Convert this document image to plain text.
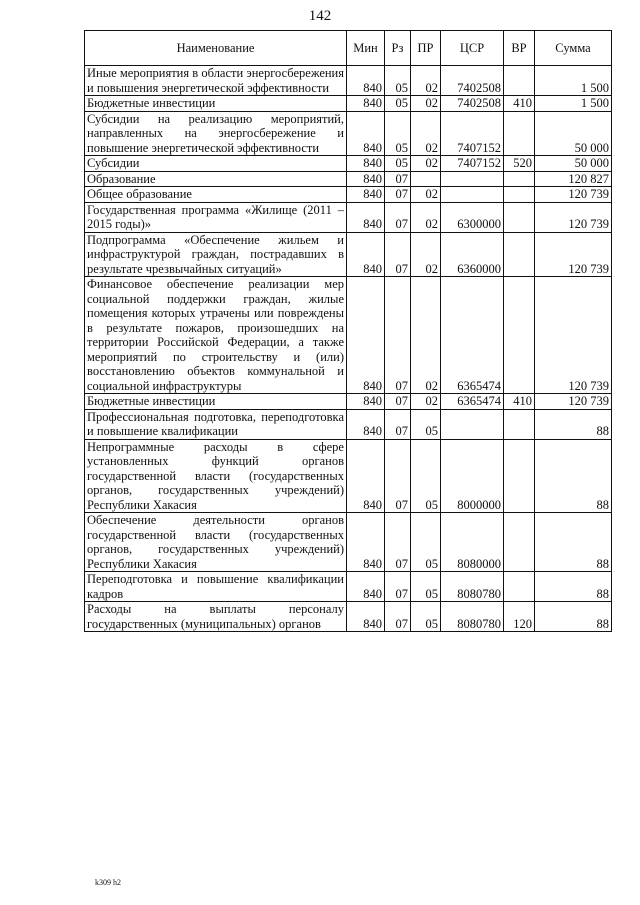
142
Наименование	Мин	Рз	ПР	ЦСР	ВР	Сумма
Иные мероприятия в области энергосбережения и повышения энергетической эффективности	840	05	02	7402508		1 500
Бюджетные инвестиции	840	05	02	7402508	410	1 500
Субсидии на реализацию мероприятий, направленных на энергосбережение и повышение энергетической эффективности	840	05	02	7407152		50 000
Субсидии	840	05	02	7407152	520	50 000
Образование	840	07				120 827
Общее образование	840	07	02			120 739
Государственная программа «Жилище (2011 – 2015 годы)»	840	07	02	6300000		120 739
Подпрограмма «Обеспечение жильем и инфраструктурой граждан, пострадавших в результате чрезвычайных ситуаций»	840	07	02	6360000		120 739
Финансовое обеспечение реализации мер социальной поддержки граждан, жилые помещения которых утрачены или повреждены в результате пожаров, произошедших на территории Российской Федерации, а также мероприятий по строительству и (или) восстановлению объектов коммунальной и социальной инфраструктуры	840	07	02	6365474		120 739
Бюджетные инвестиции	840	07	02	6365474	410	120 739
Профессиональная подготовка, переподготовка и повышение квалификации	840	07	05			88
Непрограммные расходы в сфере установленных функций органов государственной власти (государственных органов, государственных учреждений) Республики Хакасия	840	07	05	8000000		88
Обеспечение деятельности органов государственной власти (государственных органов, государственных учреждений) Республики Хакасия	840	07	05	8080000		88
Переподготовка и повышение квалификации кадров	840	07	05	8080780		88
Расходы на выплаты персоналу государственных (муниципальных) органов	840	07	05	8080780	120	88
k309 h2
